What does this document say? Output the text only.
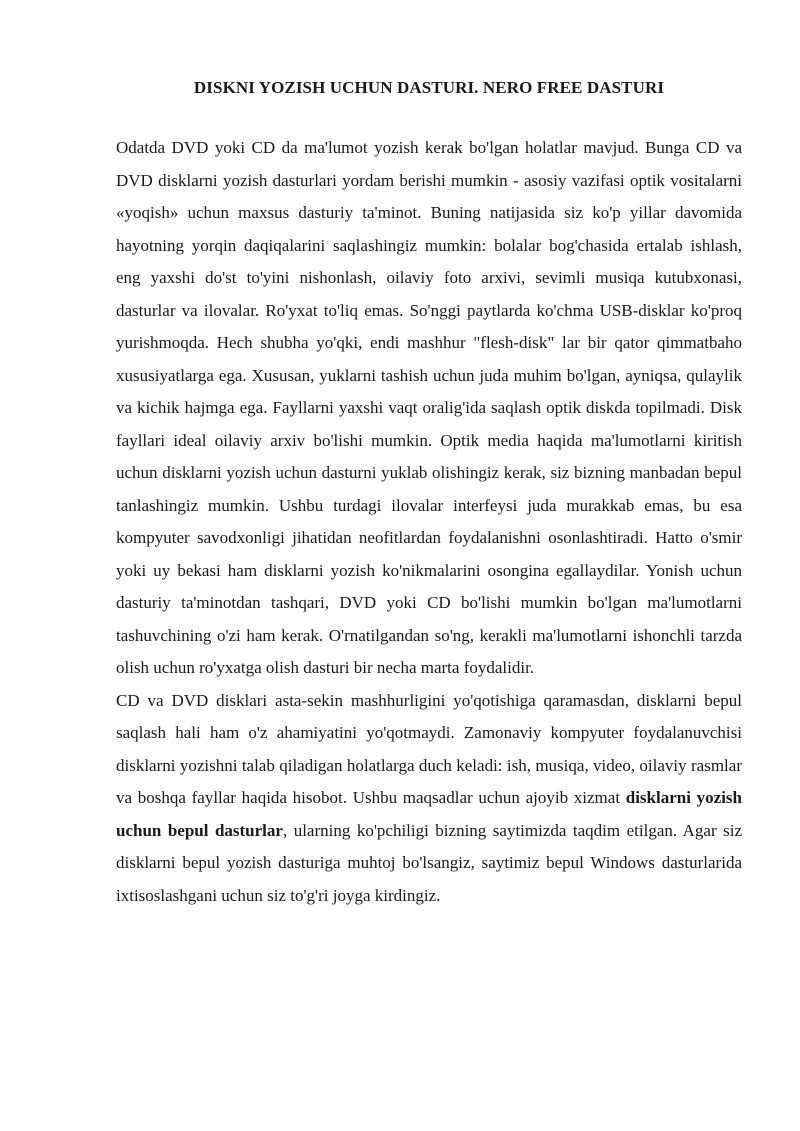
DISKNI YOZISH UCHUN DASTURI. NERO FREE DASTURI

Odatda DVD yoki CD da ma'lumot yozish kerak bo'lgan holatlar mavjud. Bunga CD va DVD disklarni yozish dasturlari yordam berishi mumkin - asosiy vazifasi optik vositalarni «yoqish» uchun maxsus dasturiy ta'minot. Buning natijasida siz ko'p yillar davomida hayotning yorqin daqiqalarini saqlashingiz mumkin: bolalar bog'chasida ertalab ishlash, eng yaxshi do'st to'yini nishonlash, oilaviy foto arxivi, sevimli musiqa kutubxonasi, dasturlar va ilovalar. Ro'yxat to'liq emas. So'nggi paytlarda ko'chma USB-disklar ko'proq yurishmoqda. Hech shubha yo'qki, endi mashhur "flesh-disk" lar bir qator qimmatbaho xususiyatlarga ega. Xususan, yuklarni tashish uchun juda muhim bo'lgan, ayniqsa, qulaylik va kichik hajmga ega. Fayllarni yaxshi vaqt oralig'ida saqlash optik diskda topilmadi. Disk fayllari ideal oilaviy arxiv bo'lishi mumkin. Optik media haqida ma'lumotlarni kiritish uchun disklarni yozish uchun dasturni yuklab olishingiz kerak, siz bizning manbadan bepul tanlashingiz mumkin. Ushbu turdagi ilovalar interfeysi juda murakkab emas, bu esa kompyuter savodxonligi jihatidan neofitlardan foydalanishni osonlashtiradi. Hatto o'smir yoki uy bekasi ham disklarni yozish ko'nikmalarini osongina egallaydilar. Yonish uchun dasturiy ta'minotdan tashqari, DVD yoki CD bo'lishi mumkin bo'lgan ma'lumotlarni tashuvchining o'zi ham kerak. O'rnatilgandan so'ng, kerakli ma'lumotlarni ishonchli tarzda olish uchun ro'yxatga olish dasturi bir necha marta foydalidir.

CD va DVD disklari asta-sekin mashhurligini yo'qotishiga qaramasdan, disklarni bepul saqlash hali ham o'z ahamiyatini yo'qotmaydi. Zamonaviy kompyuter foydalanuvchisi disklarni yozishni talab qiladigan holatlarga duch keladi: ish, musiqa, video, oilaviy rasmlar va boshqa fayllar haqida hisobot. Ushbu maqsadlar uchun ajoyib xizmat disklarni yozish uchun bepul dasturlar, ularning ko'pchiligi bizning saytimizda taqdim etilgan. Agar siz disklarni bepul yozish dasturiga muhtoj bo'lsangiz, saytimiz bepul Windows dasturlarida ixtisoslashgani uchun siz to'g'ri joyga kirdingiz.
